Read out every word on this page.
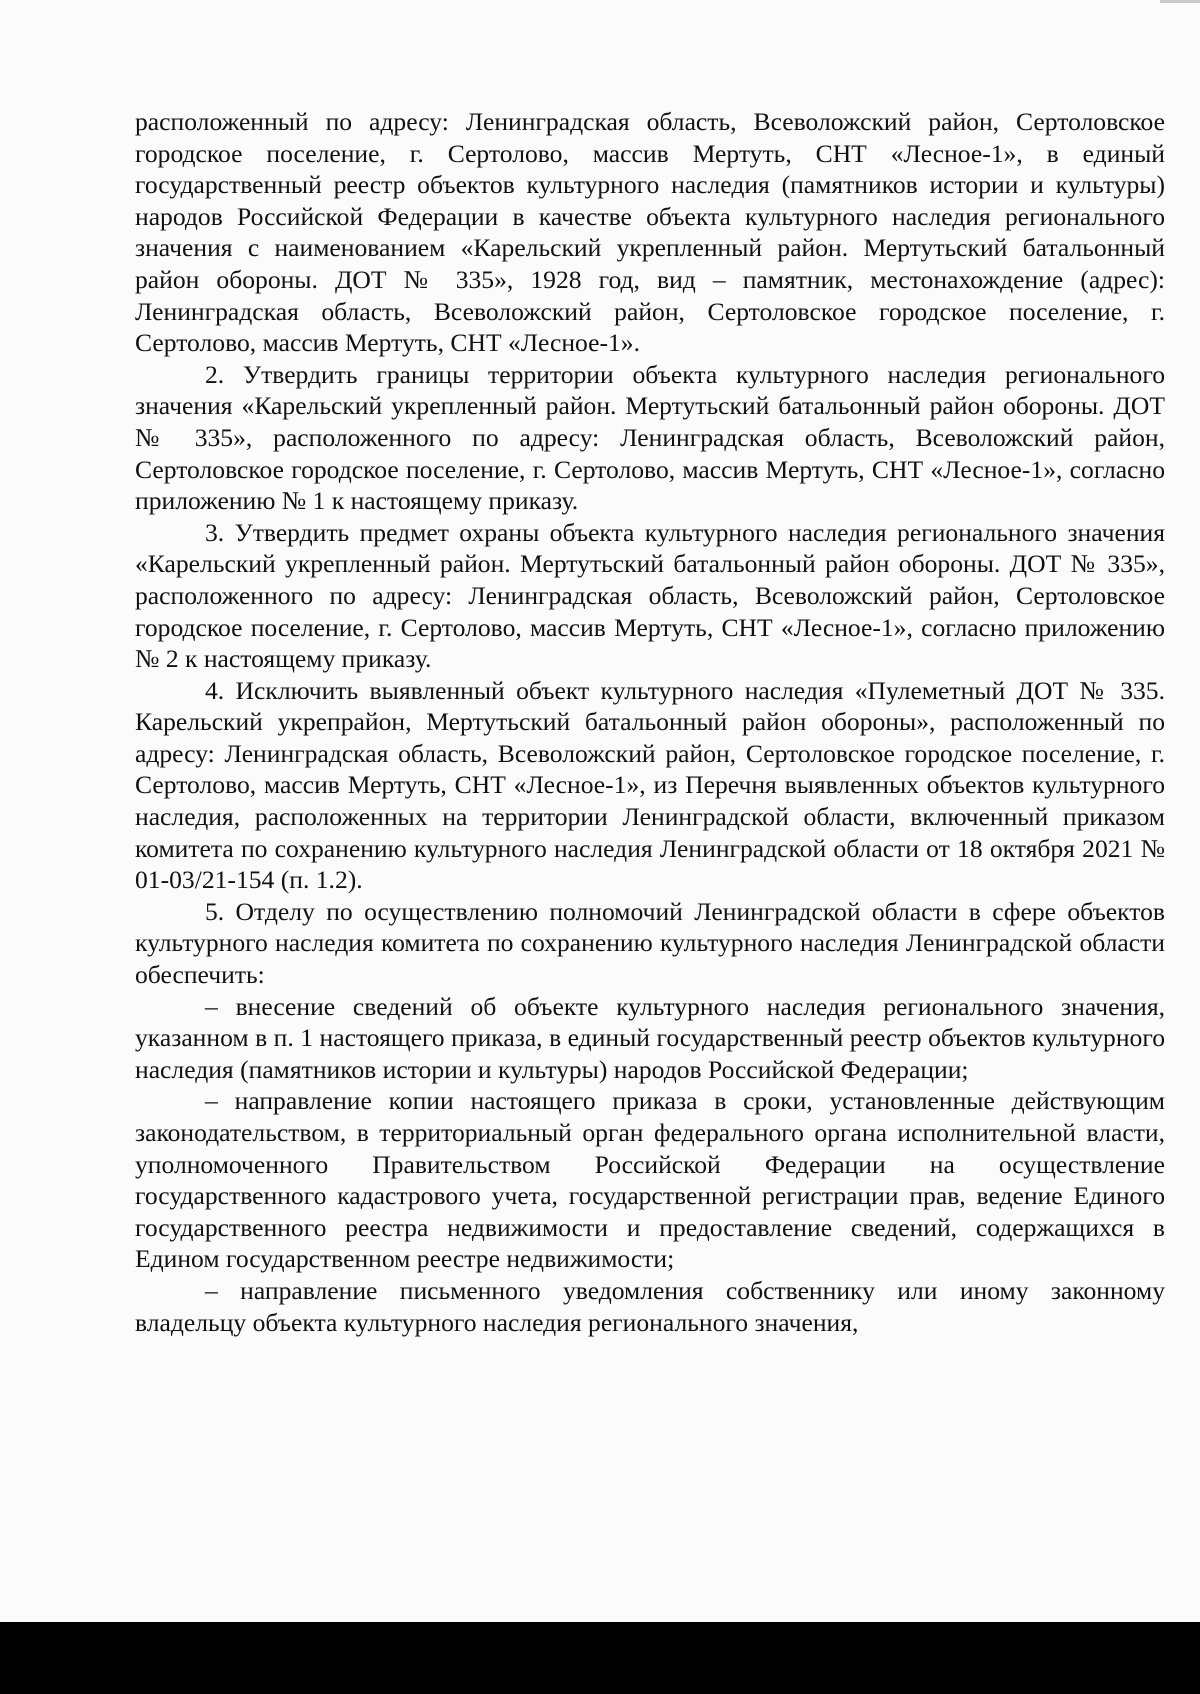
расположенный по адресу: Ленинградская область, Всеволожский район, Сертоловское городское поселение, г. Сертолово, массив Мертуть, СНТ «Лесное-1», в единый государственный реестр объектов культурного наследия (памятников истории и культуры) народов Российской Федерации в качестве объекта культурного наследия регионального значения с наименованием «Карельский укрепленный район. Мертутьский батальонный район обороны. ДОТ № 335», 1928 год, вид – памятник, местонахождение (адрес): Ленинградская область, Всеволожский район, Сертоловское городское поселение, г. Сертолово, массив Мертуть, СНТ «Лесное-1».

2. Утвердить границы территории объекта культурного наследия регионального значения «Карельский укрепленный район. Мертутьский батальонный район обороны. ДОТ № 335», расположенного по адресу: Ленинградская область, Всеволожский район, Сертоловское городское поселение, г. Сертолово, массив Мертуть, СНТ «Лесное-1», согласно приложению № 1 к настоящему приказу.

3. Утвердить предмет охраны объекта культурного наследия регионального значения «Карельский укрепленный район. Мертутьский батальонный район обороны. ДОТ № 335», расположенного по адресу: Ленинградская область, Всеволожский район, Сертоловское городское поселение, г. Сертолово, массив Мертуть, СНТ «Лесное-1», согласно приложению № 2 к настоящему приказу.

4. Исключить выявленный объект культурного наследия «Пулеметный ДОТ № 335. Карельский укрепрайон, Мертутьский батальонный район обороны», расположенный по адресу: Ленинградская область, Всеволожский район, Сертоловское городское поселение, г. Сертолово, массив Мертуть, СНТ «Лесное-1», из Перечня выявленных объектов культурного наследия, расположенных на территории Ленинградской области, включенный приказом комитета по сохранению культурного наследия Ленинградской области от 18 октября 2021 № 01-03/21-154 (п. 1.2).

5. Отделу по осуществлению полномочий Ленинградской области в сфере объектов культурного наследия комитета по сохранению культурного наследия Ленинградской области обеспечить:

– внесение сведений об объекте культурного наследия регионального значения, указанном в п. 1 настоящего приказа, в единый государственный реестр объектов культурного наследия (памятников истории и культуры) народов Российской Федерации;

– направление копии настоящего приказа в сроки, установленные действующим законодательством, в территориальный орган федерального органа исполнительной власти, уполномоченного Правительством Российской Федерации на осуществление государственного кадастрового учета, государственной регистрации прав, ведение Единого государственного реестра недвижимости и предоставление сведений, содержащихся в Едином государственном реестре недвижимости;

– направление письменного уведомления собственнику или иному законному владельцу объекта культурного наследия регионального значения,
